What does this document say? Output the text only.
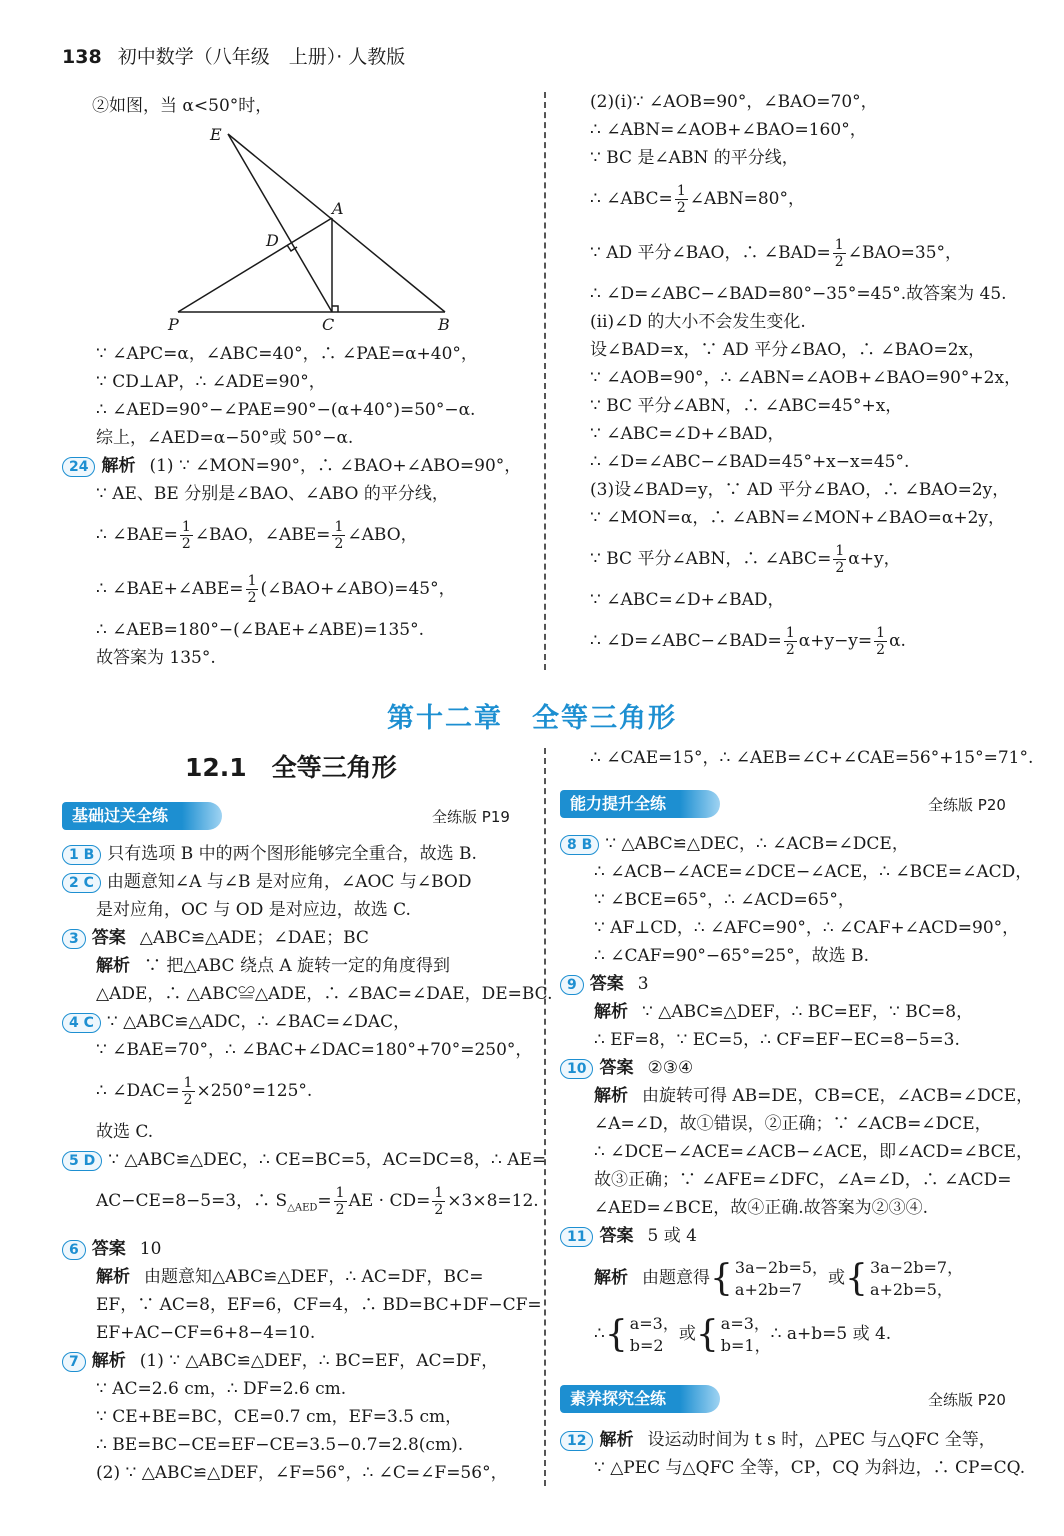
138 初中数学（八年级　上册）· 人教版

②如图，当 α<50°时，

E
A
D
P	C	B

∵ ∠APC=α，∠ABC=40°，∴ ∠PAE=α+40°，

∵ CD⊥AP，∴ ∠ADE=90°，

∴ ∠AED=90°−∠PAE=90°−(α+40°)=50°−α.

综上，∠AED=α−50°或 50°−α.

24 解析 (1) ∵ ∠MON=90°，∴ ∠BAO+∠ABO=90°，

∵ AE、BE 分别是∠BAO、∠ABO 的平分线，

∴ ∠BAE= $\frac{1}{2}$ ∠BAO，∠ABE= $\frac{1}{2}$ ∠ABO，

∴ ∠BAE+∠ABE= $\frac{1}{2}$ (∠BAO+∠ABO)=45°，

∴ ∠AEB=180°−(∠BAE+∠ABE)=135°.

故答案为 135°.

(2)(ⅰ)∵ ∠AOB=90°，∠BAO=70°，

∴ ∠ABN=∠AOB+∠BAO=160°，

∵ BC 是∠ABN 的平分线，

∴ ∠ABC= $\frac{1}{2}$ ∠ABN=80°，

∵ AD 平分∠BAO，∴ ∠BAD= $\frac{1}{2}$ ∠BAO=35°，

∴ ∠D=∠ABC−∠BAD=80°−35°=45°.故答案为 45.

(ⅱ)∠D 的大小不会发生变化.

设∠BAD=x，∵ AD 平分∠BAO，∴ ∠BAO=2x，

∵ ∠AOB=90°，∴ ∠ABN=∠AOB+∠BAO=90°+2x，

∵ BC 平分∠ABN，∴ ∠ABC=45°+x，

∵ ∠ABC=∠D+∠BAD，

∴ ∠D=∠ABC−∠BAD=45°+x−x=45°.

(3)设∠BAD=y，∵ AD 平分∠BAO，∴ ∠BAO=2y，

∵ ∠MON=α，∴ ∠ABN=∠MON+∠BAO=α+2y，

∵ BC 平分∠ABN，∴ ∠ABC= $\frac{1}{2} \alpha+y$，

∵ ∠ABC=∠D+∠BAD，

∴ ∠D=∠ABC−∠BAD= $\frac{1}{2} \alpha+y-y= \frac{1}{2} \alpha$.

第十二章　全等三角形
12.1　全等三角形
基础过关全练	全练版 P19
能力提升全练	全练版 P20
素养探究全练	全练版 P20

1 B 只有选项 B 中的两个图形能够完全重合，故选 B.

2 C 由题意知∠A 与∠B 是对应角，∠AOC 与∠BOD

是对应角，OC 与 OD 是对应边，故选 C.

3 答案 △ABC≌△ADE；∠DAE；BC

解析 ∵ 把△ABC 绕点 A 旋转一定的角度得到

△ADE，∴ △ABC≌△ADE，∴ ∠BAC=∠DAE，DE=BC.

4 C ∵ △ABC≌△ADC，∴ ∠BAC=∠DAC，

∵ ∠BAE=70°，∴ ∠BAC+∠DAC=180°+70°=250°，

∴ ∠DAC= $\frac{1}{2} \times 250^\circ=125^\circ$.

故选 C.

5 D ∵ △ABC≌△DEC，∴ CE=BC=5，AC=DC=8，∴ AE=

AC−CE=8−5=3，∴ $S_{\triangle AED}= \frac{1}{2}$ AE · $CD= \frac{1}{2} \times 3\times 8=12$.

6 答案 10

解析 由题意知△ABC≌△DEF，∴ AC=DF，BC=

EF，∵ AC=8，EF=6，CF=4，∴ BD=BC+DF−CF=

EF+AC−CF=6+8−4=10.

7 解析 (1) ∵ △ABC≌△DEF，∴ BC=EF，AC=DF，

∵ AC=2.6 cm，∴ DF=2.6 cm.

∵ CE+BE=BC，CE=0.7 cm，EF=3.5 cm，

∴ BE=BC−CE=EF−CE=3.5−0.7=2.8(cm).

(2) ∵ △ABC≌△DEF，∠F=56°，∴ ∠C=∠F=56°，

∴ ∠CAE=15°，∴ ∠AEB=∠C+∠CAE=56°+15°=71°.

8 B ∵ △ABC≌△DEC，∴ ∠ACB=∠DCE，

∴ ∠ACB−∠ACE=∠DCE−∠ACE，∴ ∠BCE=∠ACD，

∵ ∠BCE=65°，∴ ∠ACD=65°，

∵ AF⊥CD，∴ ∠AFC=90°，∴ ∠CAF+∠ACD=90°，

∴ ∠CAF=90°−65°=25°，故选 B.

9 答案 3

解析 ∵ △ABC≌△DEF，∴ BC=EF，∵ BC=8，

∴ EF=8，∵ EC=5，∴ CF=EF−EC=8−5=3.

10 答案 ②③④

解析 由旋转可得 AB=DE，CB=CE，∠ACB=∠DCE，

∠A=∠D，故①错误，②正确；∵ ∠ACB=∠DCE，

∴ ∠DCE−∠ACE=∠ACB−∠ACE，即∠ACD=∠BCE，

故③正确；∵ ∠AFE=∠DFC，∠A=∠D，∴ ∠ACD=

∠AED=∠BCE，故④正确.故答案为②③④.

11 答案 5 或 4

解析 由题意得{ 3a−2b=5，
a+2b=7
或{ 3a−2b=7，
a+2b=5，

∴{ a=3，
b=2
或{ a=3，
b=1，
∴ a+b=5 或 4.

12 解析 设运动时间为 t s 时，△PEC 与△QFC 全等，

∵ △PEC 与△QFC 全等，CP，CQ 为斜边，∴ CP=CQ.
